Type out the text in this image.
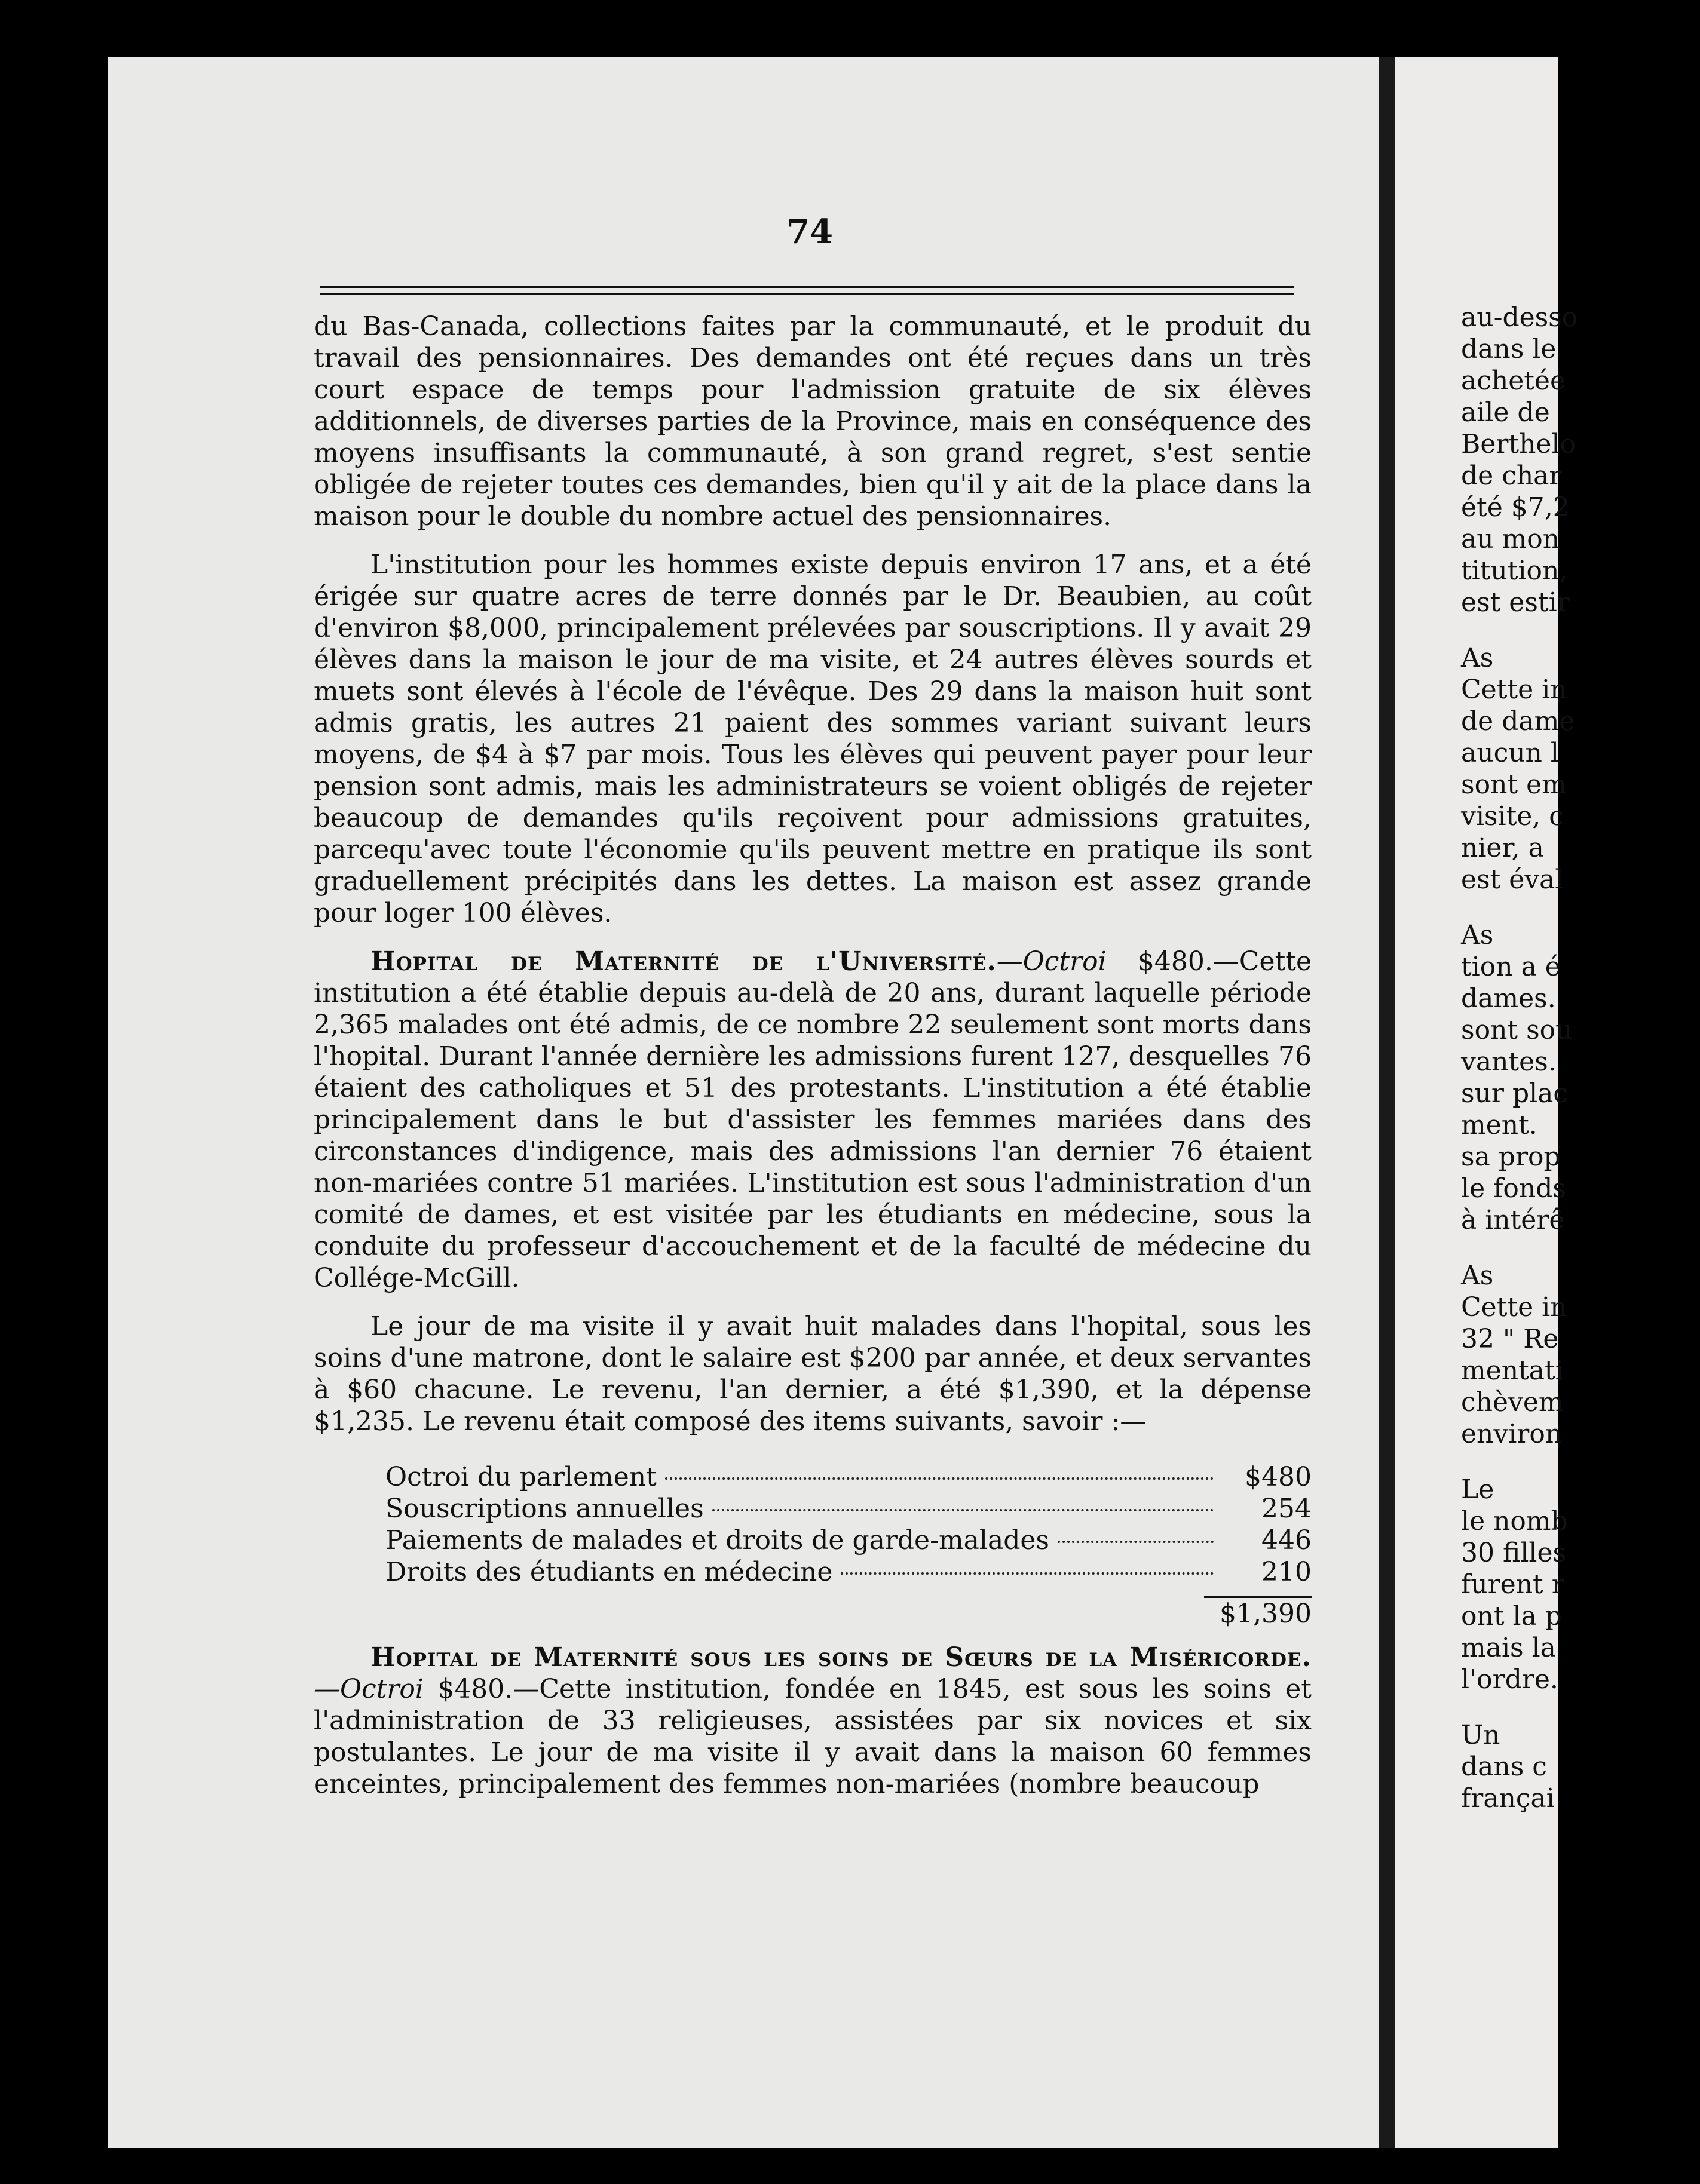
74

du Bas-Canada, collections faites par la communauté, et le produit du travail des pensionnaires. Des demandes ont été reçues dans un très court espace de temps pour l'admission gratuite de six élèves additionnels, de diverses parties de la Province, mais en conséquence des moyens insuffisants la communauté, à son grand regret, s'est sentie obligée de rejeter toutes ces demandes, bien qu'il y ait de la place dans la maison pour le double du nombre actuel des pensionnaires.

L'institution pour les hommes existe depuis environ 17 ans, et a été érigée sur quatre acres de terre donnés par le Dr. Beaubien, au coût d'environ $8,000, principalement prélevées par souscriptions. Il y avait 29 élèves dans la maison le jour de ma visite, et 24 autres élèves sourds et muets sont élevés à l'école de l'évêque. Des 29 dans la maison huit sont admis gratis, les autres 21 paient des sommes variant suivant leurs moyens, de $4 à $7 par mois. Tous les élèves qui peuvent payer pour leur pension sont admis, mais les administrateurs se voient obligés de rejeter beaucoup de demandes qu'ils reçoivent pour admissions gratuites, parcequ'avec toute l'économie qu'ils peuvent mettre en pratique ils sont graduellement précipités dans les dettes. La maison est assez grande pour loger 100 élèves.

Hopital de Maternité de l'Université.—Octroi $480.—Cette institution a été établie depuis au-delà de 20 ans, durant laquelle période 2,365 malades ont été admis, de ce nombre 22 seulement sont morts dans l'hopital. Durant l'année dernière les admissions furent 127, desquelles 76 étaient des catholiques et 51 des protestants. L'institution a été établie principalement dans le but d'assister les femmes mariées dans des circonstances d'indigence, mais des admissions l'an dernier 76 étaient non-mariées contre 51 mariées. L'institution est sous l'administration d'un comité de dames, et est visitée par les étudiants en médecine, sous la conduite du professeur d'accouchement et de la faculté de médecine du Collége-McGill.

Le jour de ma visite il y avait huit malades dans l'hopital, sous les soins d'une matrone, dont le salaire est $200 par année, et deux servantes à $60 chacune. Le revenu, l'an dernier, a été $1,390, et la dépense $1,235. Le revenu était composé des items suivants, savoir :—

Octroi du parlement	$480
Souscriptions annuelles	254
Paiements de malades et droits de garde-malades	446
Droits des étudiants en médecine	210
$1,390

Hopital de Maternité sous les soins de Sœurs de la Miséricorde.—Octroi $480.—Cette institution, fondée en 1845, est sous les soins et l'administration de 33 religieuses, assistées par six novices et six postulantes. Le jour de ma visite il y avait dans la maison 60 femmes enceintes, principalement des femmes non-mariées (nombre beaucoup

au-desso
dans le
achetée
aile de
Berthelo
de char
été $7,2
au mon
titution,
est estir
As
Cette in
de dame
aucun l
sont em
visite, c
nier, a
est éval
As
tion a é
dames.
sont sou
vantes.
sur plac
ment.
sa prop
le fonds
à intérê
As
Cette in
32 " Re
mentati
chèvem
environ
Le
le nomb
30 filles
furent r
ont la p
mais la
l'ordre.
Un
dans c
françai
